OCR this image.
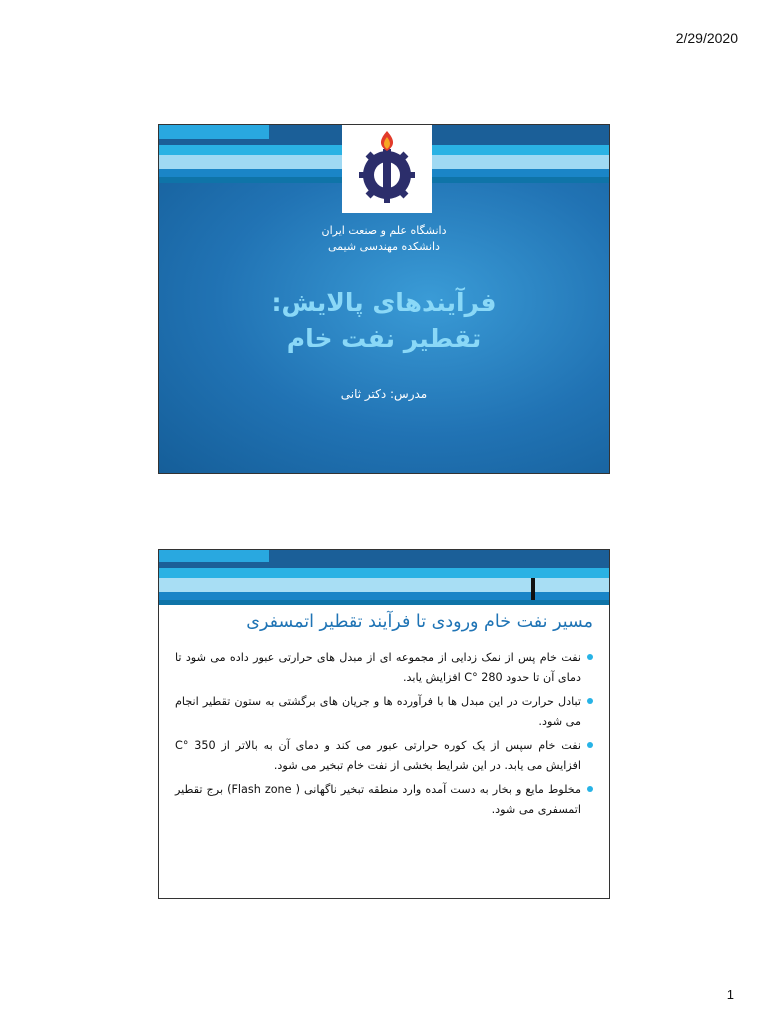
2/29/2020
دانشگاه علم و صنعت ایران
دانشکده مهندسی شیمی
فرآیندهای پالایش:
تقطیر نفت خام
مدرس: دکتر ثانی
مسیر نفت خام ورودی تا فرآیند تقطیر اتمسفری
نفت خام پس از نمک زدایی از مجموعه ای از مبدل های حرارتی عبور داده می شود تا دمای آن تا حدود 280 °C افزایش یابد.
تبادل حرارت در این مبدل ها با فرآورده ها و جریان های برگشتی به ستون تقطیر انجام می شود.
نفت خام سپس از یک کوره حرارتی عبور می کند و دمای آن به بالاتر از 350 °C افزایش می یابد. در این شرایط بخشی از نفت خام تبخیر می شود.
مخلوط مایع و بخار به دست آمده وارد منطقه تبخیر ناگهانی ( Flash zone) برج تقطیر اتمسفری می شود.
1
